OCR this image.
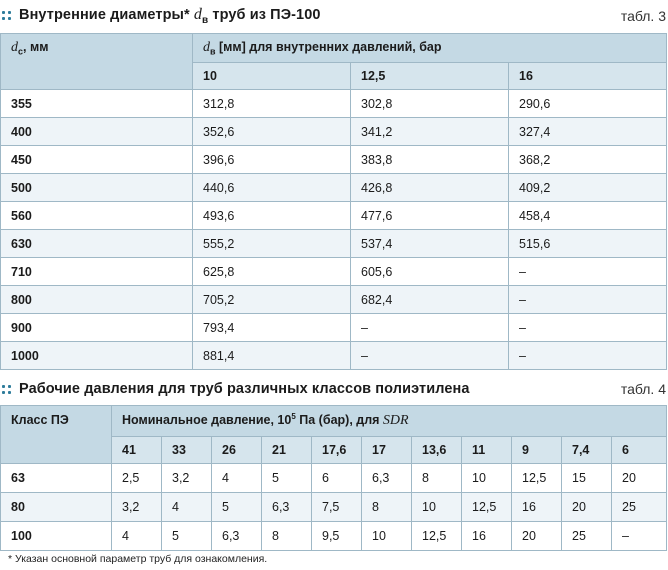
Внутренние диаметры* $d_в$ труб из ПЭ-100	табл. 3
$d_с$, мм	$d_в$ [мм] для внутренних давлений, бар		
	10	12,5	16
355	312,8	302,8	290,6
400	352,6	341,2	327,4
450	396,6	383,8	368,2
500	440,6	426,8	409,2
560	493,6	477,6	458,4
630	555,2	537,4	515,6
710	625,8	605,6	–
800	705,2	682,4	–
900	793,4	–	–
1000	881,4	–	–
Рабочие давления для труб различных классов полиэтилена	табл. 4
Класс ПЭ	Номинальное давление, $10^5$ Па (бар), для SDR										
	41	33	26	21	17,6	17	13,6	11	9	7,4	6
63	2,5	3,2	4	5	6	6,3	8	10	12,5	15	20
80	3,2	4	5	6,3	7,5	8	10	12,5	16	20	25
100	4	5	6,3	8	9,5	10	12,5	16	20	25	–
* Указан основной параметр труб для ознакомления.
